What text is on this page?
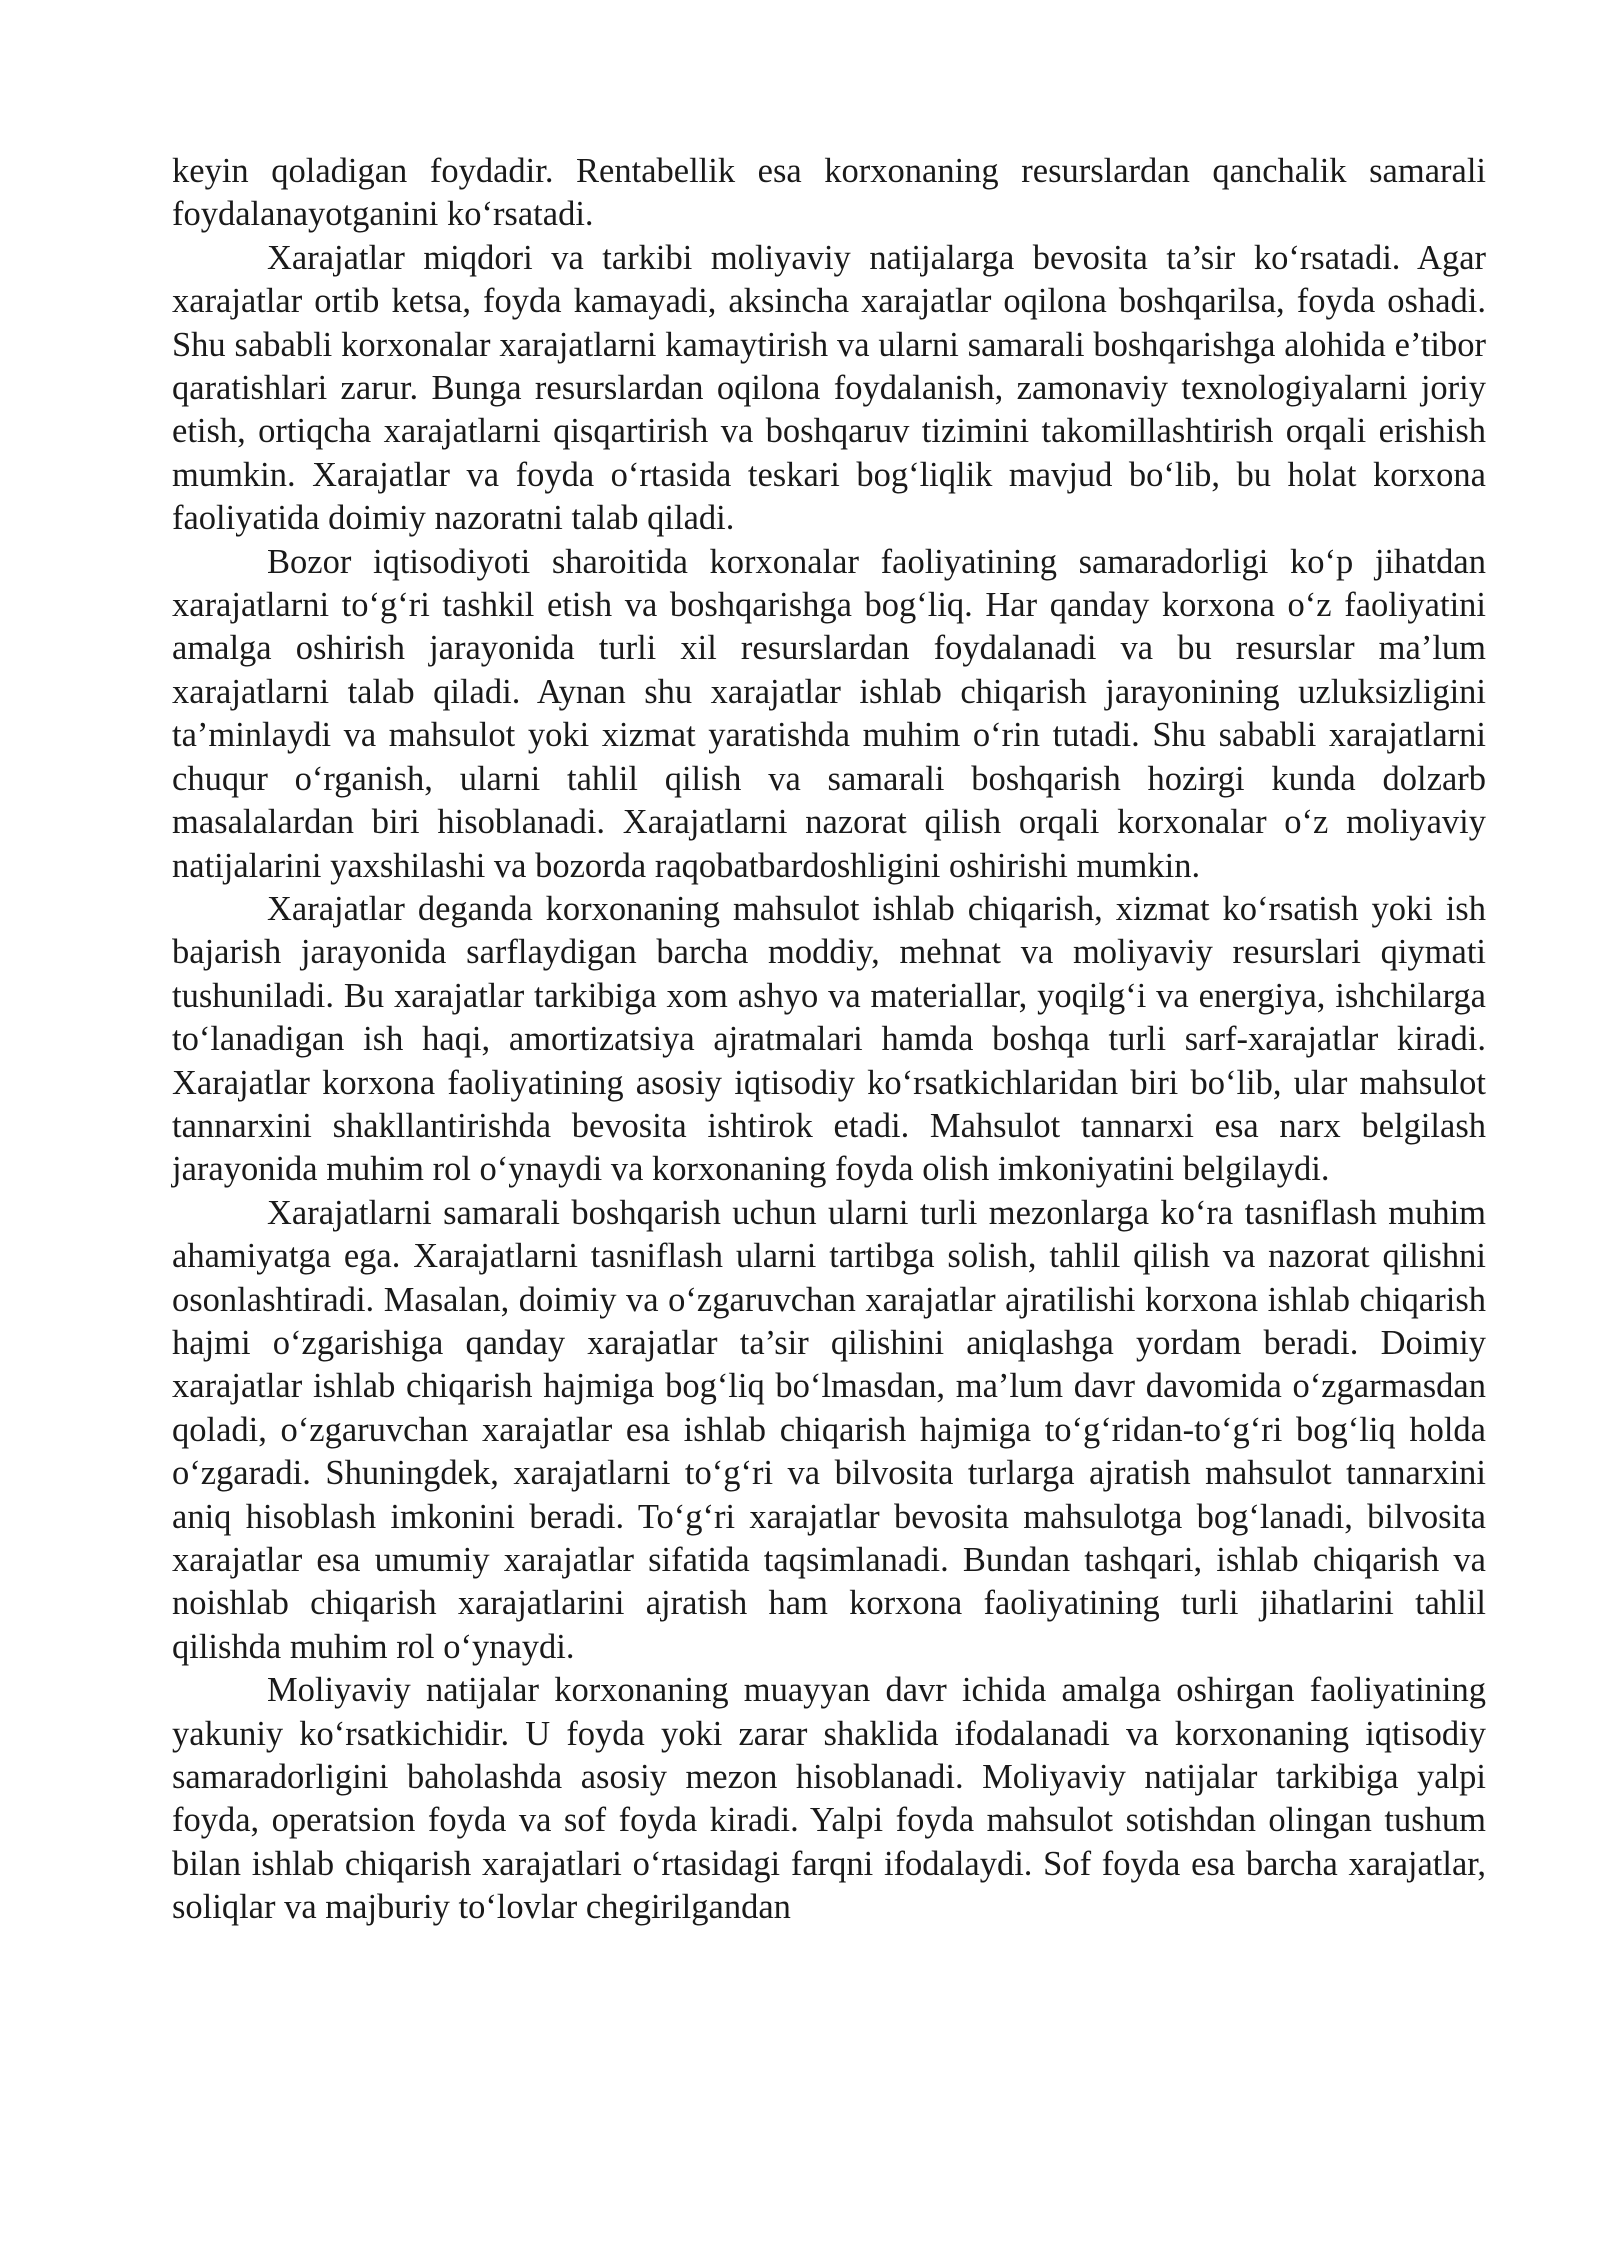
keyin qoladigan foydadir. Rentabellik esa korxonaning resurslardan qanchalik samarali foydalanayotganini ko‘rsatadi.

Xarajatlar miqdori va tarkibi moliyaviy natijalarga bevosita ta’sir ko‘rsatadi. Agar xarajatlar ortib ketsa, foyda kamayadi, aksincha xarajatlar oqilona boshqarilsa, foyda oshadi. Shu sababli korxonalar xarajatlarni kamaytirish va ularni samarali boshqarishga alohida e’tibor qaratishlari zarur. Bunga resurslardan oqilona foydalanish, zamonaviy texnologiyalarni joriy etish, ortiqcha xarajatlarni qisqartirish va boshqaruv tizimini takomillashtirish orqali erishish mumkin. Xarajatlar va foyda o‘rtasida teskari bog‘liqlik mavjud bo‘lib, bu holat korxona faoliyatida doimiy nazoratni talab qiladi.

Bozor iqtisodiyoti sharoitida korxonalar faoliyatining samaradorligi ko‘p jihatdan xarajatlarni to‘g‘ri tashkil etish va boshqarishga bog‘liq. Har qanday korxona o‘z faoliyatini amalga oshirish jarayonida turli xil resurslardan foydalanadi va bu resurslar ma’lum xarajatlarni talab qiladi. Aynan shu xarajatlar ishlab chiqarish jarayonining uzluksizligini ta’minlaydi va mahsulot yoki xizmat yaratishda muhim o‘rin tutadi. Shu sababli xarajatlarni chuqur o‘rganish, ularni tahlil qilish va samarali boshqarish hozirgi kunda dolzarb masalalardan biri hisoblanadi. Xarajatlarni nazorat qilish orqali korxonalar o‘z moliyaviy natijalarini yaxshilashi va bozorda raqobatbardoshligini oshirishi mumkin.

Xarajatlar deganda korxonaning mahsulot ishlab chiqarish, xizmat ko‘rsatish yoki ish bajarish jarayonida sarflaydigan barcha moddiy, mehnat va moliyaviy resurslari qiymati tushuniladi. Bu xarajatlar tarkibiga xom ashyo va materiallar, yoqilg‘i va energiya, ishchilarga to‘lanadigan ish haqi, amortizatsiya ajratmalari hamda boshqa turli sarf-xarajatlar kiradi. Xarajatlar korxona faoliyatining asosiy iqtisodiy ko‘rsatkichlaridan biri bo‘lib, ular mahsulot tannarxini shakllantirishda bevosita ishtirok etadi. Mahsulot tannarxi esa narx belgilash jarayonida muhim rol o‘ynaydi va korxonaning foyda olish imkoniyatini belgilaydi.

Xarajatlarni samarali boshqarish uchun ularni turli mezonlarga ko‘ra tasniflash muhim ahamiyatga ega. Xarajatlarni tasniflash ularni tartibga solish, tahlil qilish va nazorat qilishni osonlashtiradi. Masalan, doimiy va o‘zgaruvchan xarajatlar ajratilishi korxona ishlab chiqarish hajmi o‘zgarishiga qanday xarajatlar ta’sir qilishini aniqlashga yordam beradi. Doimiy xarajatlar ishlab chiqarish hajmiga bog‘liq bo‘lmasdan, ma’lum davr davomida o‘zgarmasdan qoladi, o‘zgaruvchan xarajatlar esa ishlab chiqarish hajmiga to‘g‘ridan-to‘g‘ri bog‘liq holda o‘zgaradi. Shuningdek, xarajatlarni to‘g‘ri va bilvosita turlarga ajratish mahsulot tannarxini aniq hisoblash imkonini beradi. To‘g‘ri xarajatlar bevosita mahsulotga bog‘lanadi, bilvosita xarajatlar esa umumiy xarajatlar sifatida taqsimlanadi. Bundan tashqari, ishlab chiqarish va noishlab chiqarish xarajatlarini ajratish ham korxona faoliyatining turli jihatlarini tahlil qilishda muhim rol o‘ynaydi.

Moliyaviy natijalar korxonaning muayyan davr ichida amalga oshirgan faoliyatining yakuniy ko‘rsatkichidir. U foyda yoki zarar shaklida ifodalanadi va korxonaning iqtisodiy samaradorligini baholashda asosiy mezon hisoblanadi. Moliyaviy natijalar tarkibiga yalpi foyda, operatsion foyda va sof foyda kiradi. Yalpi foyda mahsulot sotishdan olingan tushum bilan ishlab chiqarish xarajatlari o‘rtasidagi farqni ifodalaydi. Sof foyda esa barcha xarajatlar, soliqlar va majburiy to‘lovlar chegirilgandan
